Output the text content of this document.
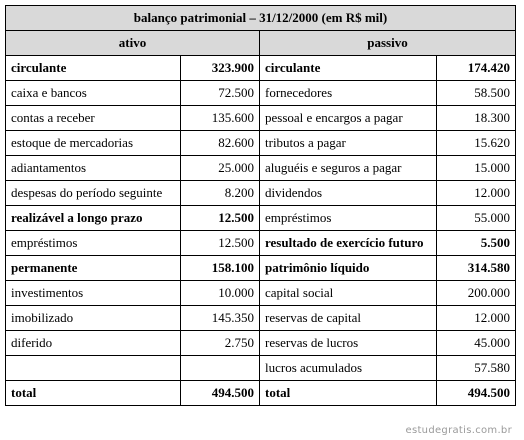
balanço patrimonial – 31/12/2000 (em R$ mil)			
ativo		passivo	
circulante	323.900	circulante	174.420
caixa e bancos	72.500	fornecedores	58.500
contas a receber	135.600	pessoal e encargos a pagar	18.300
estoque de mercadorias	82.600	tributos a pagar	15.620
adiantamentos	25.000	aluguéis e seguros a pagar	15.000
despesas do período seguinte	8.200	dividendos	12.000
realizável a longo prazo	12.500	empréstimos	55.000
empréstimos	12.500	resultado de exercício futuro	5.500
permanente	158.100	patrimônio líquido	314.580
investimentos	10.000	capital social	200.000
imobilizado	145.350	reservas de capital	12.000
diferido	2.750	reservas de lucros	45.000
		lucros acumulados	57.580
total	494.500	total	494.500
estudegratis.com.br
